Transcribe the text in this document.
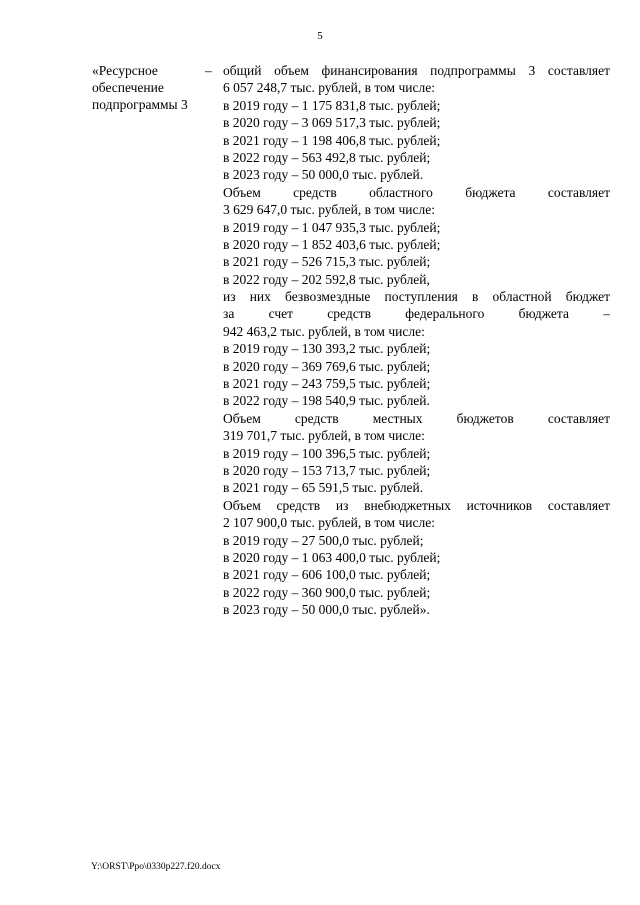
5
«Ресурсное
обеспечение
подпрограммы 3
– общий объем финансирования подпрограммы 3 составляет
6 057 248,7 тыс. рублей, в том числе:
в 2019 году – 1 175 831,8 тыс. рублей;
в 2020 году – 3 069 517,3 тыс. рублей;
в 2021 году – 1 198 406,8 тыс. рублей;
в 2022 году – 563 492,8 тыс. рублей;
в 2023 году – 50 000,0 тыс. рублей.
Объем средств областного бюджета составляет
3 629 647,0 тыс. рублей, в том числе:
в 2019 году – 1 047 935,3 тыс. рублей;
в 2020 году – 1 852 403,6 тыс. рублей;
в 2021 году – 526 715,3 тыс. рублей;
в 2022 году – 202 592,8 тыс. рублей,
из них безвозмездные поступления в областной бюджет
за счет средств федерального бюджета –
942 463,2 тыс. рублей, в том числе:
в 2019 году – 130 393,2 тыс. рублей;
в 2020 году – 369 769,6 тыс. рублей;
в 2021 году – 243 759,5 тыс. рублей;
в 2022 году – 198 540,9 тыс. рублей.
Объем средств местных бюджетов составляет
319 701,7 тыс. рублей, в том числе:
в 2019 году – 100 396,5 тыс. рублей;
в 2020 году – 153 713,7 тыс. рублей;
в 2021 году – 65 591,5 тыс. рублей.
Объем средств из внебюджетных источников составляет
2 107 900,0 тыс. рублей, в том числе:
в 2019 году – 27 500,0 тыс. рублей;
в 2020 году – 1 063 400,0 тыс. рублей;
в 2021 году – 606 100,0 тыс. рублей;
в 2022 году – 360 900,0 тыс. рублей;
в 2023 году – 50 000,0 тыс. рублей».
Y:\ORST\Ppo\0330p227.f20.docx
